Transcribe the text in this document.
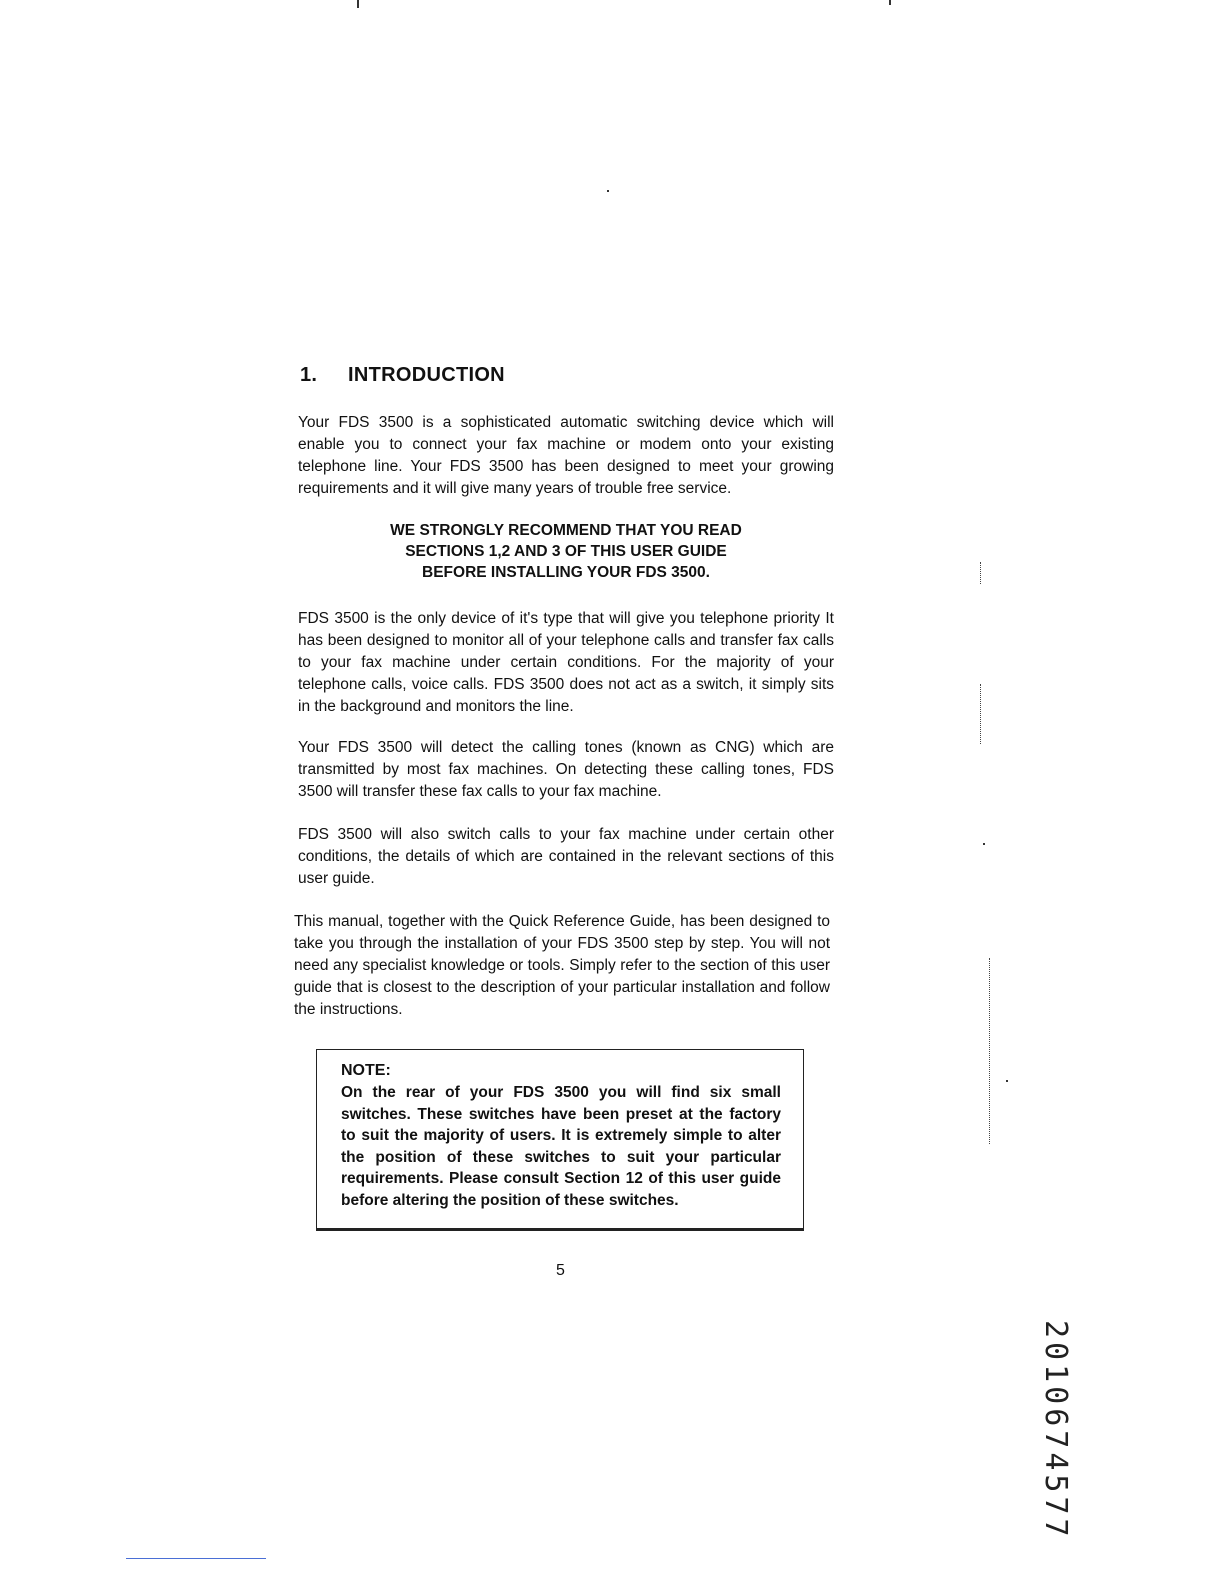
1. INTRODUCTION

Your FDS 3500 is a sophisticated automatic switching device which will enable you to connect your fax machine or modem onto your existing telephone line. Your FDS 3500 has been designed to meet your growing requirements and it will give many years of trouble free service.

WE STRONGLY RECOMMEND THAT YOU READ
SECTIONS 1,2 AND 3 OF THIS USER GUIDE
BEFORE INSTALLING YOUR FDS 3500.

FDS 3500 is the only device of it's type that will give you telephone priority It has been designed to monitor all of your telephone calls and transfer fax calls to your fax machine under certain conditions. For the majority of your telephone calls, voice calls. FDS 3500 does not act as a switch, it simply sits in the background and monitors the line.

Your FDS 3500 will detect the calling tones (known as CNG) which are transmitted by most fax machines. On detecting these calling tones, FDS 3500 will transfer these fax calls to your fax machine.

FDS 3500 will also switch calls to your fax machine under certain other conditions, the details of which are contained in the relevant sections of this user guide.

This manual, together with the Quick Reference Guide, has been designed to take you through the installation of your FDS 3500 step by step. You will not need any specialist knowledge or tools. Simply refer to the section of this user guide that is closest to the description of your particular installation and follow the instructions.

NOTE:

On the rear of your FDS 3500 you will find six small switches. These switches have been preset at the factory to suit the majority of users. It is extremely simple to alter the position of these switches to suit your particular requirements. Please consult Section 12 of this user guide before altering the position of these switches.

5
2010674577
